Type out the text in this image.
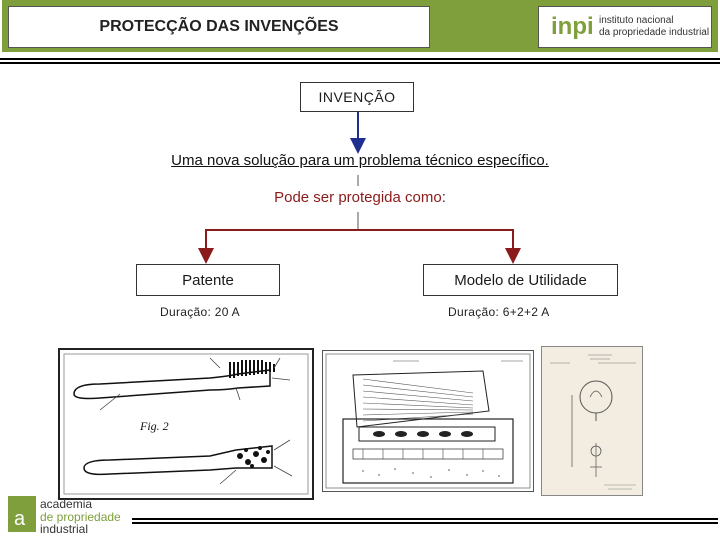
PROTECÇÃO DAS INVENÇÕES	inpi instituto nacional
da propriedade industrial
INVENÇÃO
Uma nova solução para um problema técnico específico.
Pode ser protegida como:
Patente	Modelo de Utilidade
Duração: 20 A	Duração: 6+2+2 A
Fig. 2
a
academia
de propriedade
industrial
